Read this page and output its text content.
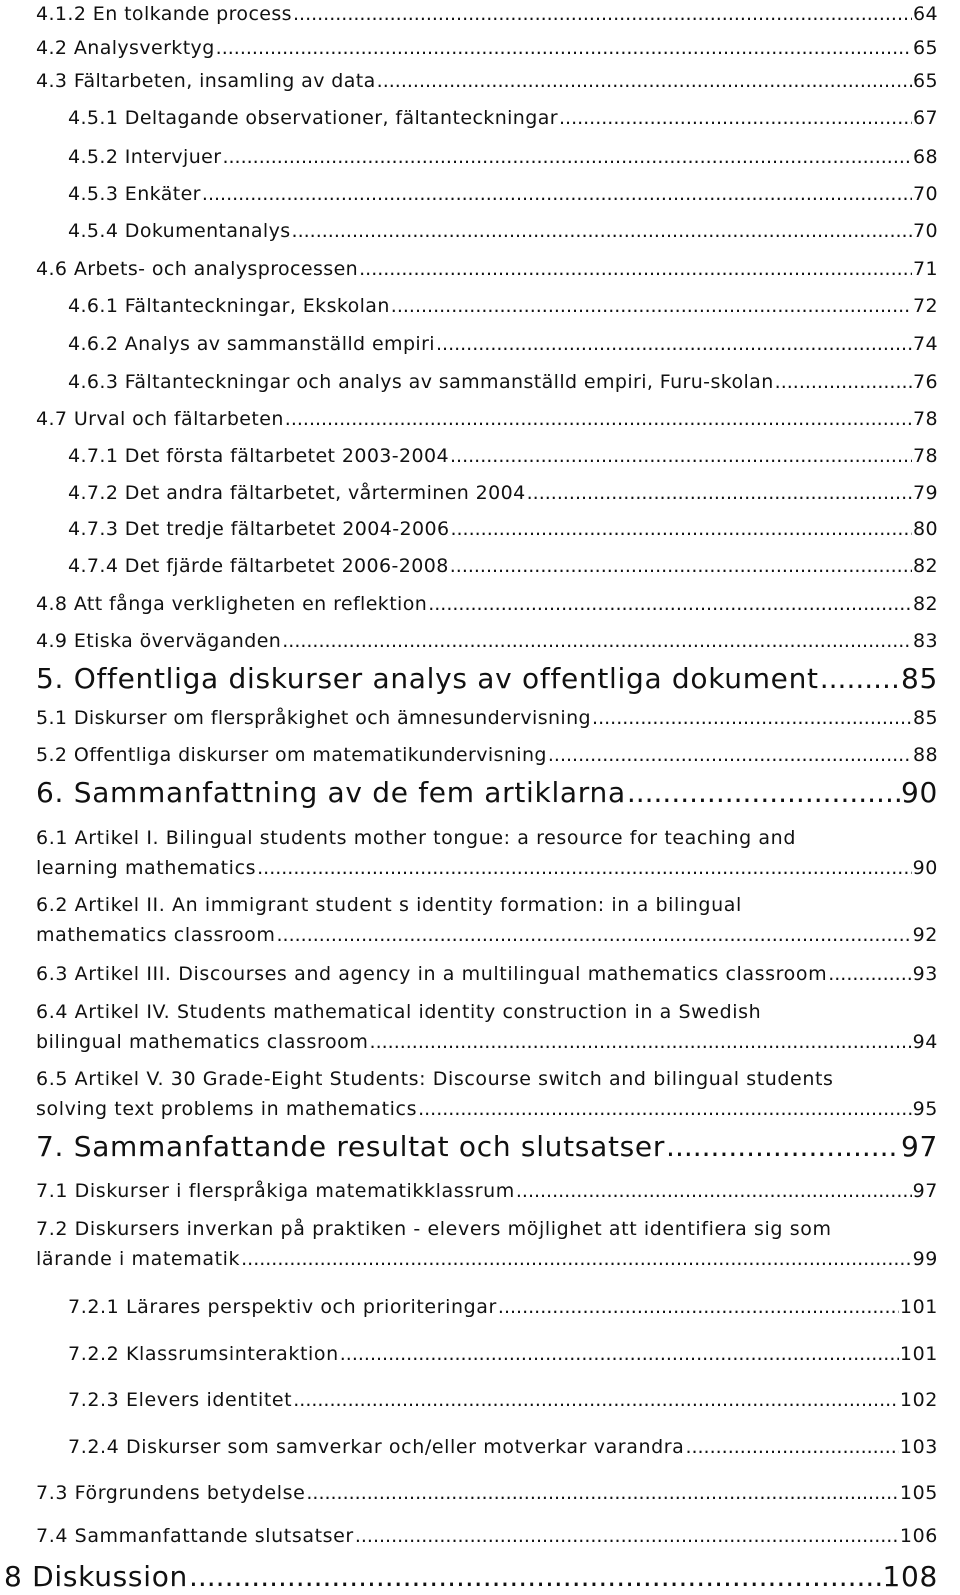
4.1.2 En tolkande process .....	64
4.2 Analysverktyg .....	65
4.3 Fältarbeten, insamling av data .....	65
4.5.1 Deltagande observationer, fältanteckningar .....	67
4.5.2 Intervjuer .....	68
4.5.3 Enkäter .....	70
4.5.4 Dokumentanalys .....	70
4.6 Arbets- och analysprocessen .....	71
4.6.1 Fältanteckningar, Ekskolan .....	72
4.6.2 Analys av sammanställd empiri .....	74
4.6.3 Fältanteckningar och analys av sammanställd empiri, Furu-skolan .....	76
4.7 Urval och fältarbeten .....	78
4.7.1 Det första fältarbetet 2003-2004 .....	78
4.7.2 Det andra fältarbetet, vårterminen 2004 .....	79
4.7.3 Det tredje fältarbetet 2004-2006 .....	80
4.7.4 Det fjärde fältarbetet 2006-2008 .....	82
4.8 Att fånga verkligheten en reflektion .....	82
4.9 Etiska överväganden .....	83
5. Offentliga diskurser analys av offentliga dokument .....	85
5.1 Diskurser om flerspråkighet och ämnesundervisning .....	85
5.2 Offentliga diskurser om matematikundervisning .....	88
6. Sammanfattning av de fem artiklarna .....	90
6.1 Artikel I. Bilingual students mother tongue: a resource for teaching and
learning mathematics .....	90
6.2 Artikel II. An immigrant student s identity formation: in a bilingual
mathematics classroom .....	92
6.3 Artikel III. Discourses and agency in a multilingual mathematics classroom .....	93
6.4 Artikel IV. Students mathematical identity construction in a Swedish
bilingual mathematics classroom .....	94
6.5 Artikel V. 30 Grade-Eight Students: Discourse switch and bilingual students
solving text problems in mathematics .....	95
7. Sammanfattande resultat och slutsatser .....	97
7.1 Diskurser i flerspråkiga matematikklassrum .....	97
7.2 Diskursers inverkan på praktiken - elevers möjlighet att identifiera sig som
lärande i matematik .....	99
7.2.1 Lärares perspektiv och prioriteringar .....	101
7.2.2 Klassrumsinteraktion .....	101
7.2.3 Elevers identitet .....	102
7.2.4 Diskurser som samverkar och/eller motverkar varandra .....	103
7.3 Förgrundens betydelse .....	105
7.4 Sammanfattande slutsatser .....	106
8 Diskussion .....	108
